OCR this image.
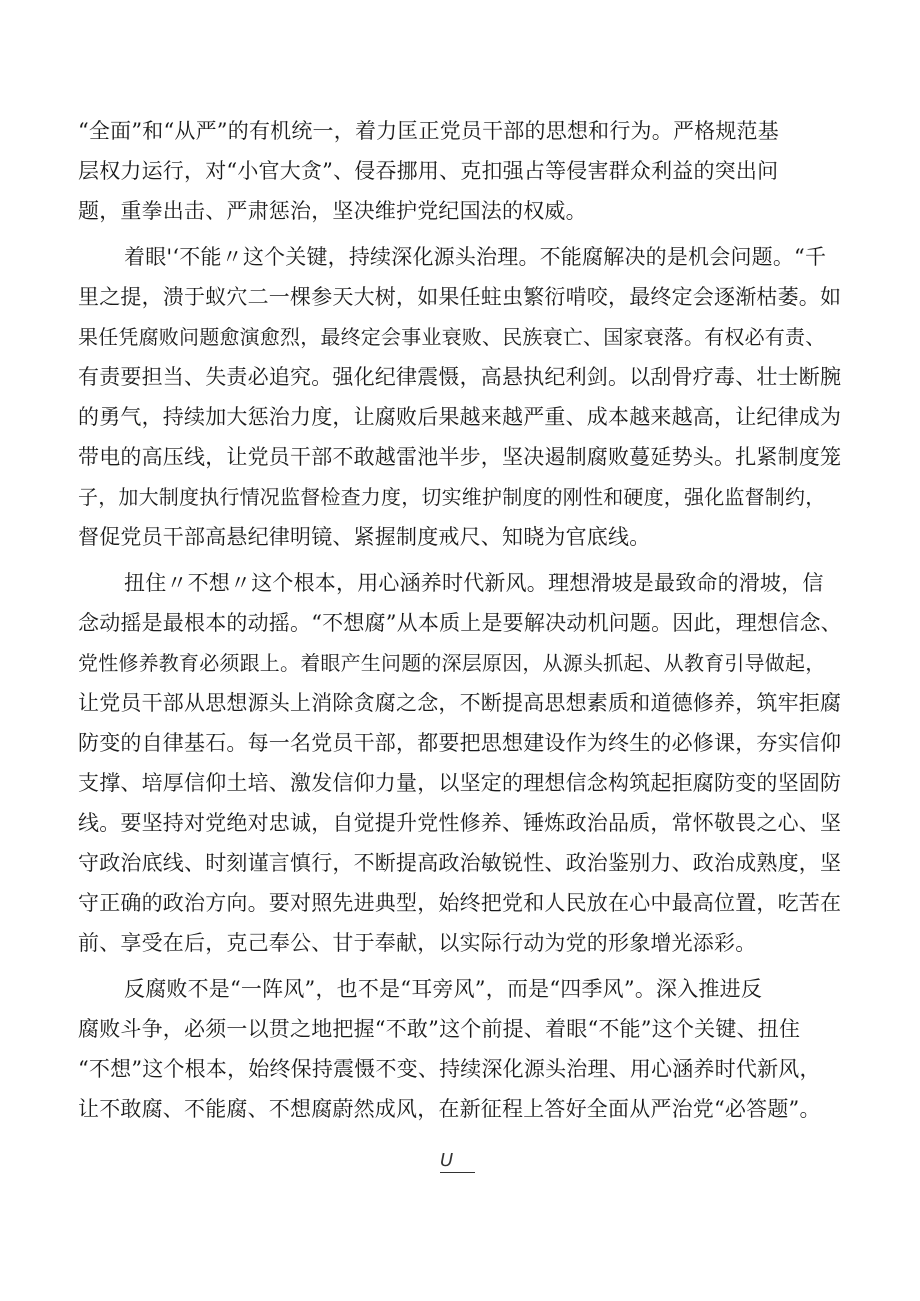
“全面”和“从严”的有机统一，着力匡正党员干部的思想和行为。严格规范基
层权力运行，对“小官大贪”、侵吞挪用、克扣强占等侵害群众利益的突出问
题，重拳出击、严肃惩治，坚决维护党纪国法的权威。
着眼'‘不能〃这个关键，持续深化源头治理。不能腐解决的是机会问题。“千
里之提，溃于蚁穴二一棵参天大树，如果任蛀虫繁衍啃咬，最终定会逐渐枯萎。如
果任凭腐败问题愈演愈烈，最终定会事业衰败、民族衰亡、国家衰落。有权必有责、
有责要担当、失责必追究。强化纪律震慑，高悬执纪利剑。以刮骨疗毒、壮士断腕
的勇气，持续加大惩治力度，让腐败后果越来越严重、成本越来越高，让纪律成为
带电的高压线，让党员干部不敢越雷池半步，坚决遏制腐败蔓延势头。扎紧制度笼
子，加大制度执行情况监督检查力度，切实维护制度的刚性和硬度，强化监督制约，
督促党员干部高悬纪律明镜、紧握制度戒尺、知晓为官底线。
扭住〃不想〃这个根本，用心涵养时代新风。理想滑坡是最致命的滑坡，信
念动摇是最根本的动摇。“不想腐”从本质上是要解决动机问题。因此，理想信念、
党性修养教育必须跟上。着眼产生问题的深层原因，从源头抓起、从教育引导做起，
让党员干部从思想源头上消除贪腐之念，不断提高思想素质和道德修养，筑牢拒腐
防变的自律基石。每一名党员干部，都要把思想建设作为终生的必修课，夯实信仰
支撑、培厚信仰土培、激发信仰力量，以坚定的理想信念构筑起拒腐防变的坚固防
线。要坚持对党绝对忠诚，自觉提升党性修养、锤炼政治品质，常怀敬畏之心、坚
守政治底线、时刻谨言慎行，不断提高政治敏锐性、政治鉴别力、政治成熟度，坚
守正确的政治方向。要对照先进典型，始终把党和人民放在心中最高位置，吃苦在
前、享受在后，克己奉公、甘于奉献，以实际行动为党的形象增光添彩。
反腐败不是“一阵风”，也不是“耳旁风”，而是“四季风”。深入推进反
腐败斗争，必须一以贯之地把握“不敢”这个前提、着眼“不能”这个关键、扭住
“不想”这个根本，始终保持震慑不变、持续深化源头治理、用心涵养时代新风，
让不敢腐、不能腐、不想腐蔚然成风，在新征程上答好全面从严治党“必答题”。
U
